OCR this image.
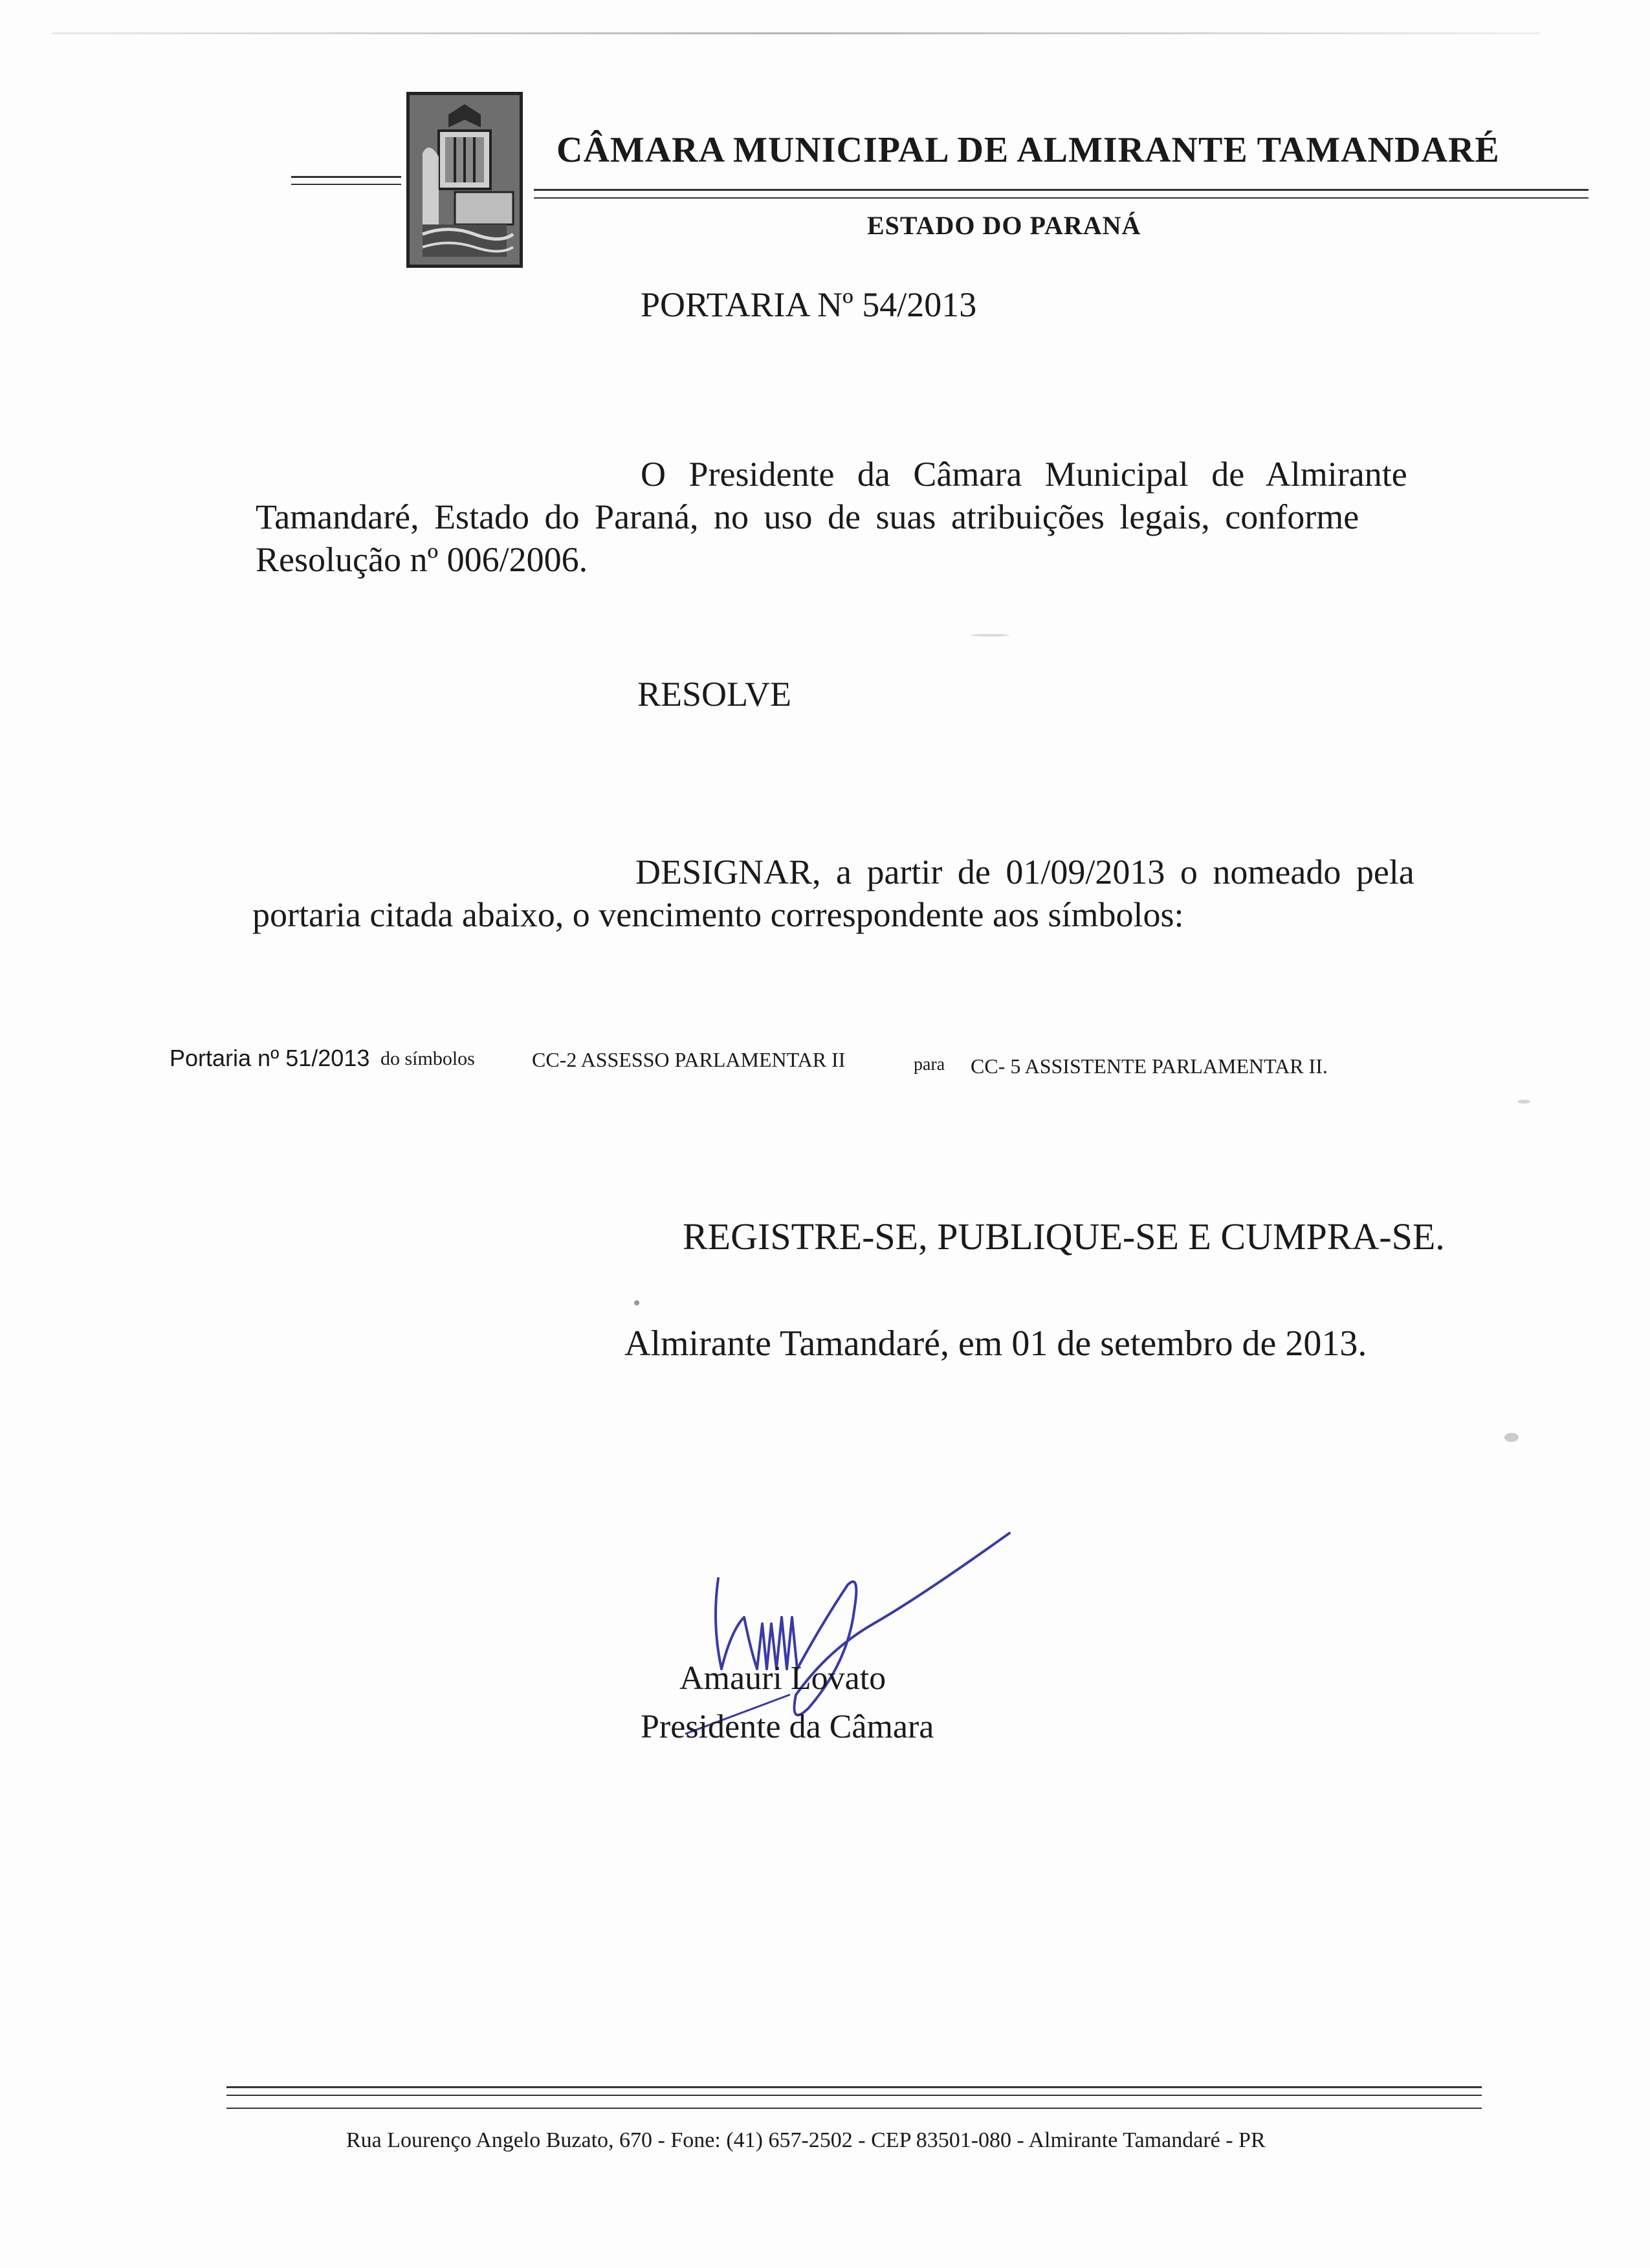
CÂMARA MUNICIPAL DE ALMIRANTE TAMANDARÉ
ESTADO DO PARANÁ
PORTARIA Nº 54/2013
O Presidente da Câmara Municipal de Almirante
Tamandaré, Estado do Paraná, no uso de suas atribuições legais, conforme
Resolução nº 006/2006.
RESOLVE
DESIGNAR, a partir de 01/09/2013 o nomeado pela
portaria citada abaixo, o vencimento correspondente aos símbolos:
Portaria nº 51/2013 do símbolos	CC-2 ASSESSO PARLAMENTAR II	para CC- 5 ASSISTENTE PARLAMENTAR II.
REGISTRE-SE, PUBLIQUE-SE E CUMPRA-SE.
Almirante Tamandaré, em 01 de setembro de 2013.
Amauri Lovato
Presidente da Câmara
Rua Lourenço Angelo Buzato, 670 - Fone: (41) 657-2502 - CEP 83501-080 - Almirante Tamandaré - PR
